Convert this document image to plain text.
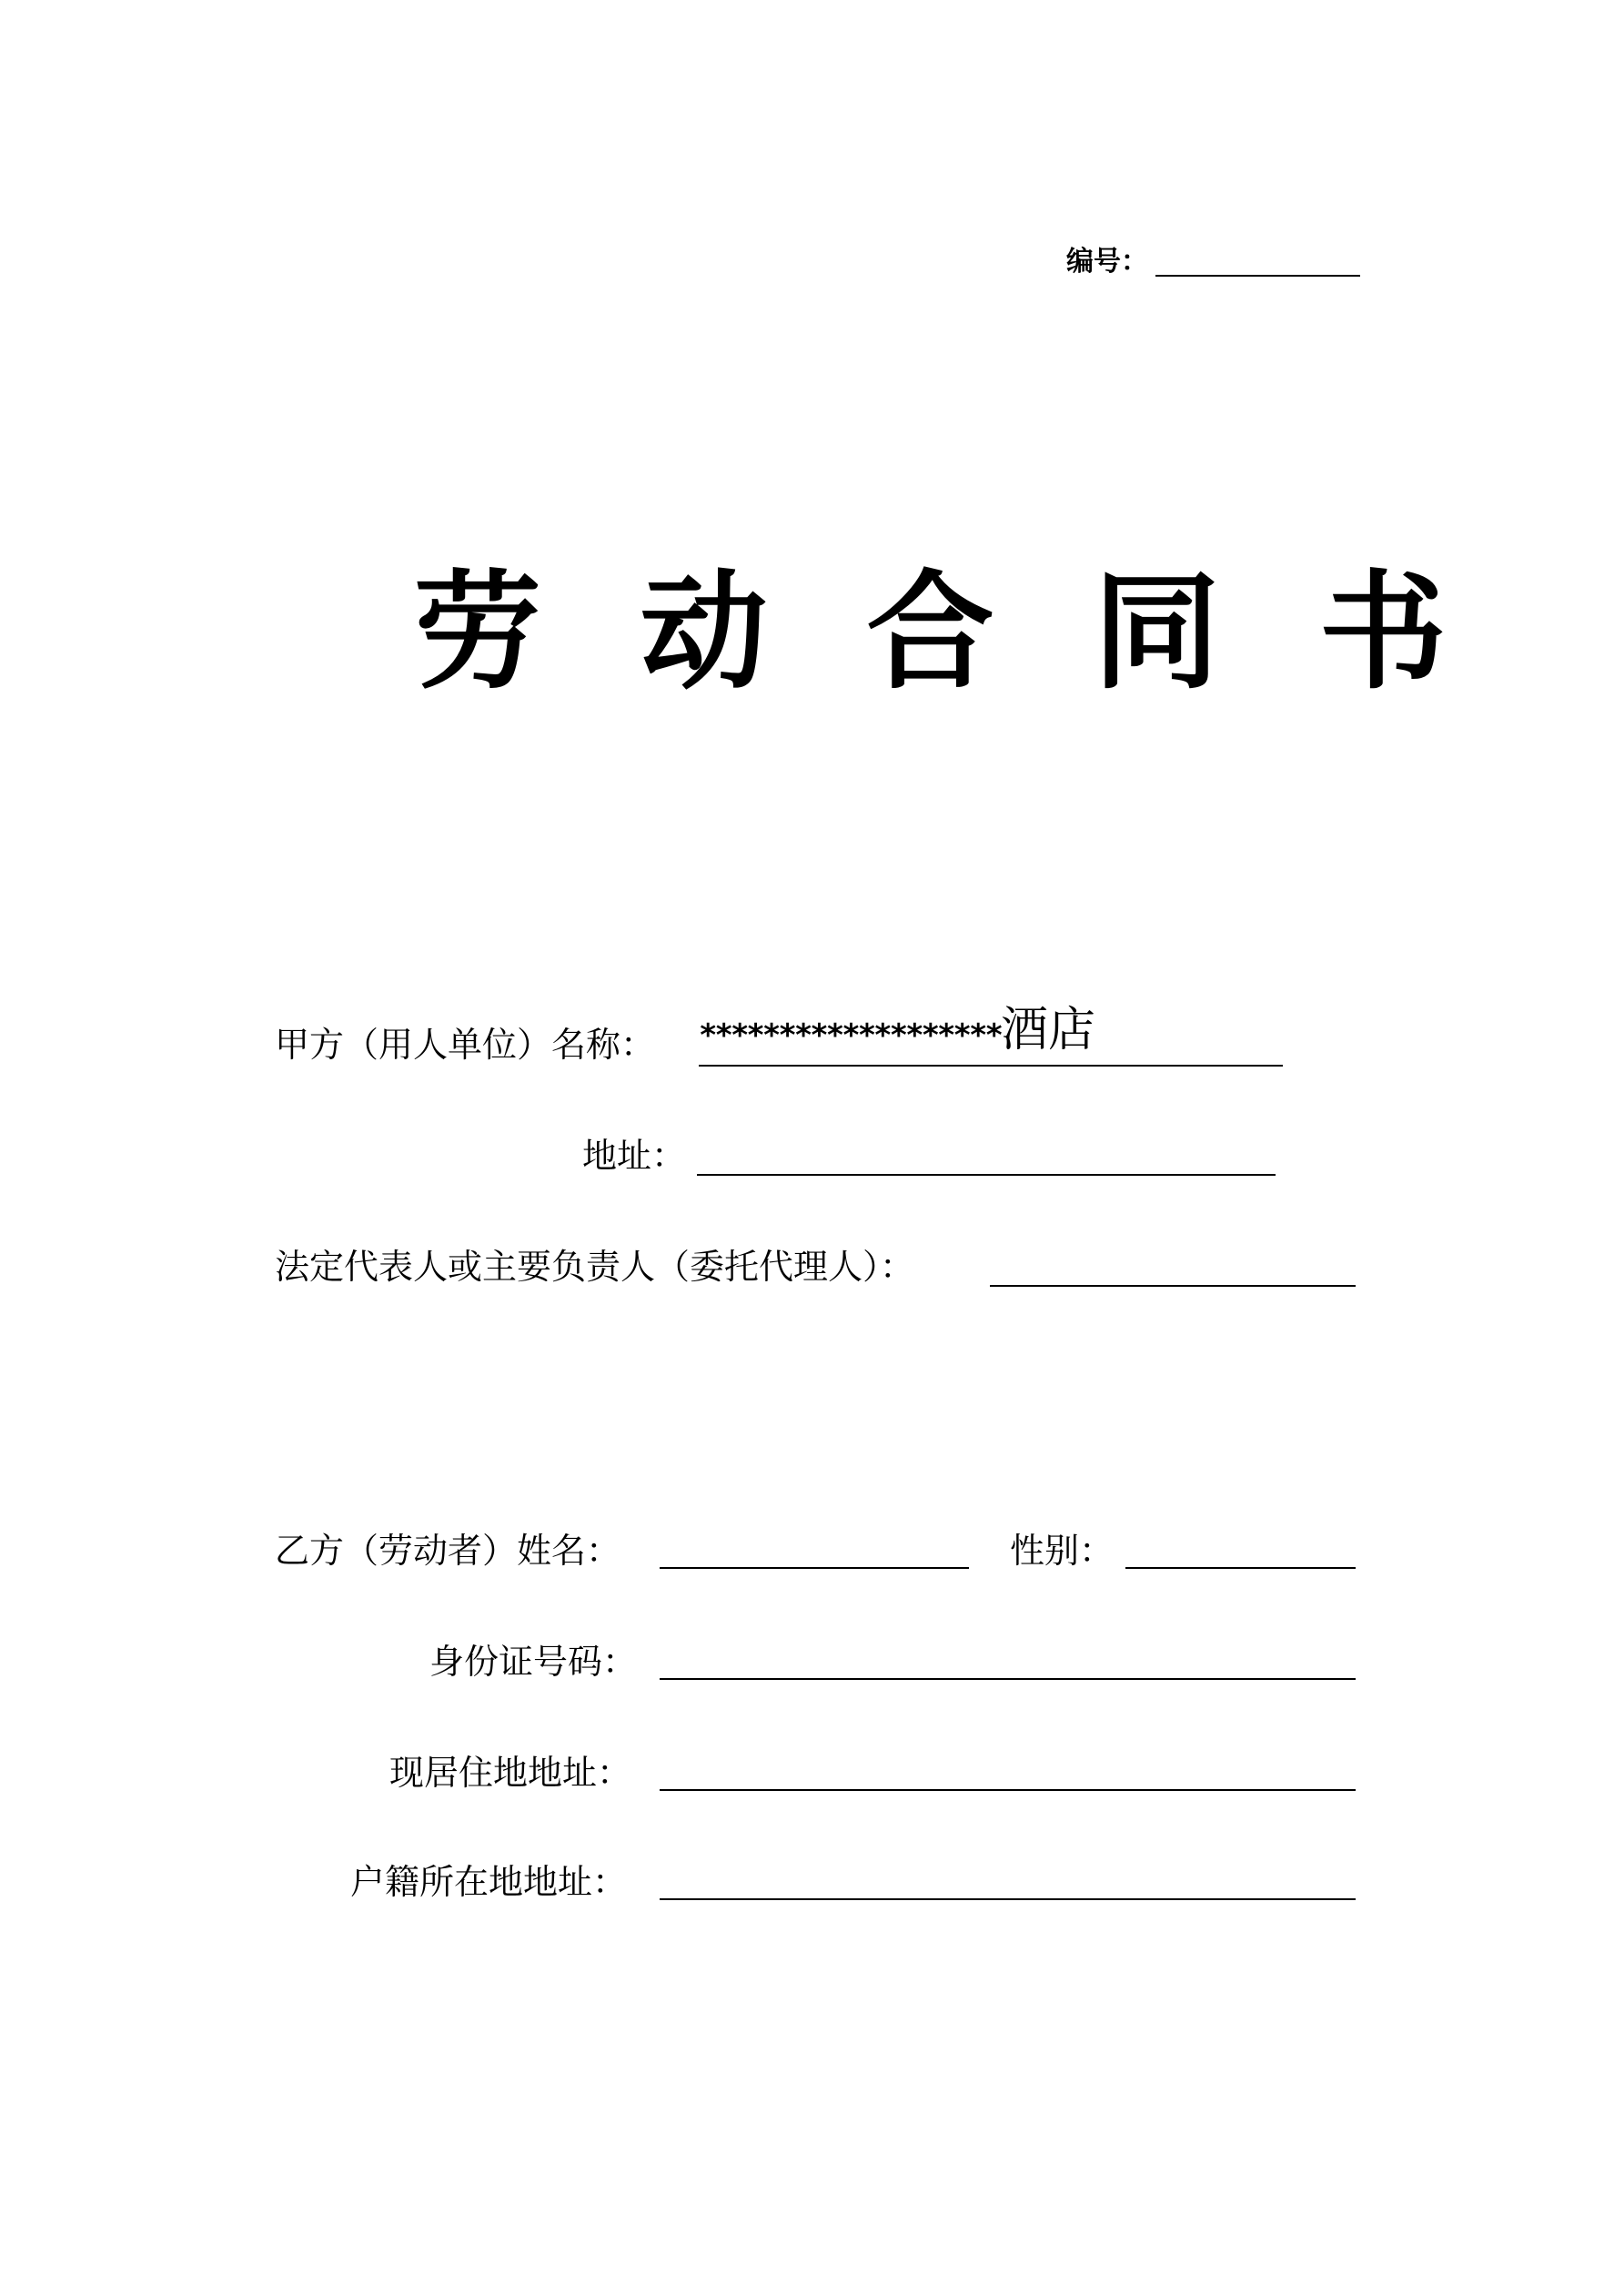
编号：
劳 动 合 同 书
甲方（用人单位）名称： *******************酒店
地址：
法定代表人或主要负责人（委托代理人）：
乙方（劳动者）姓名：	性别：
身份证号码：
现居住地地址：
户籍所在地地址：
